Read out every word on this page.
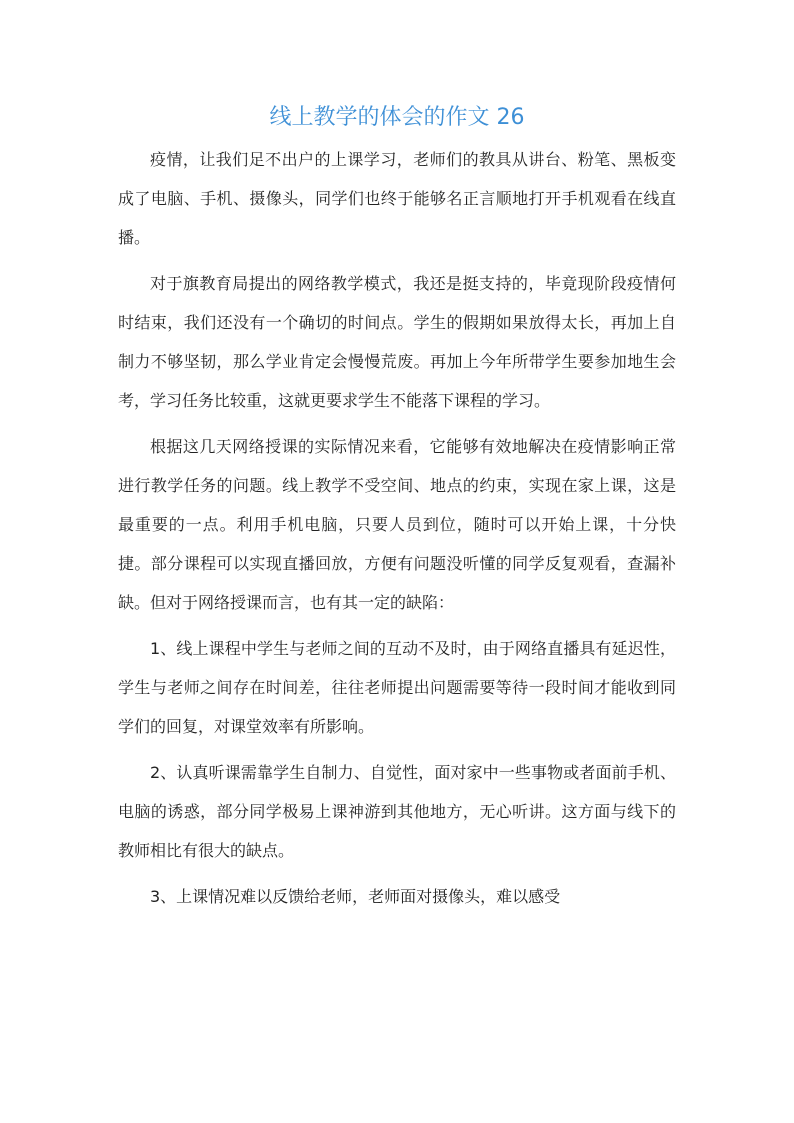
线上教学的体会的作文 26

疫情，让我们足不出户的上课学习，老师们的教具从讲台、粉笔、黑板变成了电脑、手机、摄像头，同学们也终于能够名正言顺地打开手机观看在线直播。

对于旗教育局提出的网络教学模式，我还是挺支持的，毕竟现阶段疫情何时结束，我们还没有一个确切的时间点。学生的假期如果放得太长，再加上自制力不够坚韧，那么学业肯定会慢慢荒废。再加上今年所带学生要参加地生会考，学习任务比较重，这就更要求学生不能落下课程的学习。

根据这几天网络授课的实际情况来看，它能够有效地解决在疫情影响正常进行教学任务的问题。线上教学不受空间、地点的约束，实现在家上课，这是最重要的一点。利用手机电脑，只要人员到位，随时可以开始上课，十分快捷。部分课程可以实现直播回放，方便有问题没听懂的同学反复观看，查漏补缺。但对于网络授课而言，也有其一定的缺陷：

1、线上课程中学生与老师之间的互动不及时，由于网络直播具有延迟性，学生与老师之间存在时间差，往往老师提出问题需要等待一段时间才能收到同学们的回复，对课堂效率有所影响。

2、认真听课需靠学生自制力、自觉性，面对家中一些事物或者面前手机、电脑的诱惑，部分同学极易上课神游到其他地方，无心听讲。这方面与线下的教师相比有很大的缺点。

3、上课情况难以反馈给老师，老师面对摄像头，难以感受
